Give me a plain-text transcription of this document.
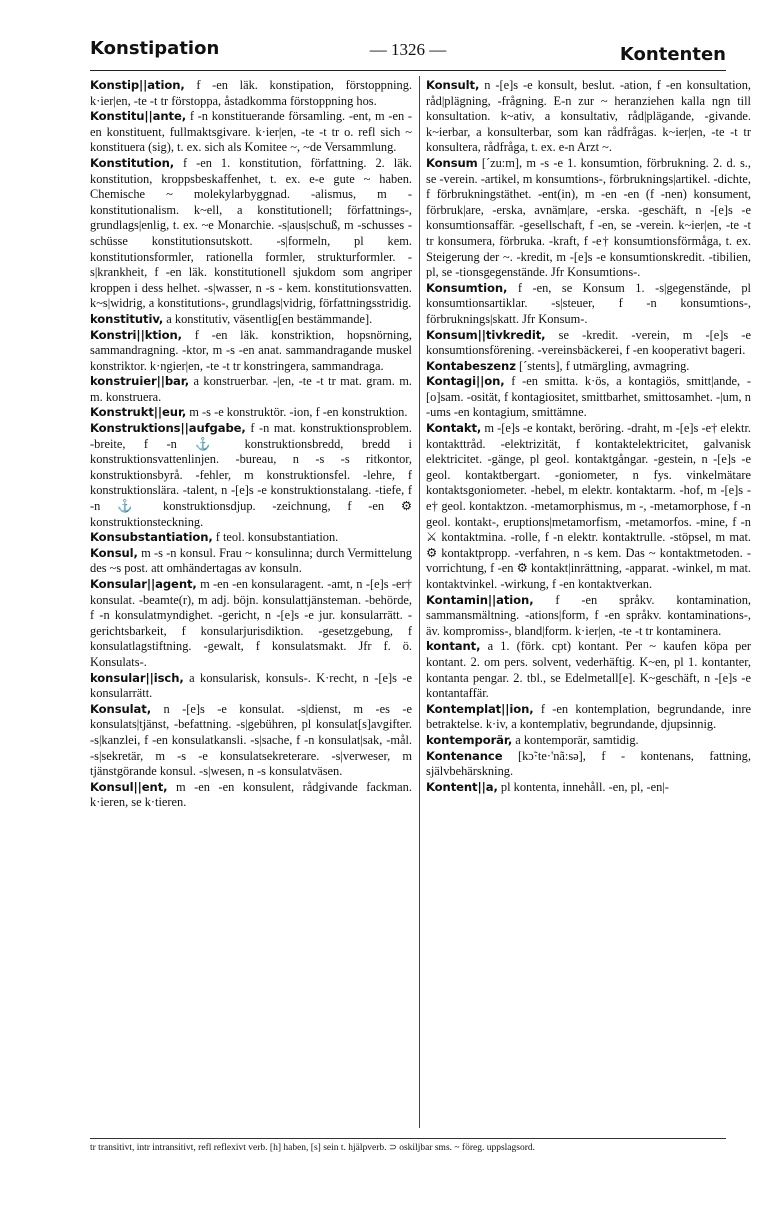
Konstipation	— 1326 —	Kontenten
Konstip||ation, f -en läk. konstipation, förstoppning. k·ier|en, -te -t tr förstoppa, åstadkomma förstoppning hos.
Konstitu||ante, f -n konstituerande församling. -ent, m -en -en konstituent, fullmaktsgivare. k·ier|en, -te -t tr o. refl sich ~ konstituera (sig), t. ex. sich als Komitee ~, ~de Versammlung.
Konstitution, f -en 1. konstitution, författning. 2. läk. konstitution, kroppsbeskaffenhet, t. ex. e-e gute ~ haben. Chemische ~ molekylarbyggnad. -alismus, m - konstitutionalism. k~ell, a konstitutionell; författnings-, grundlags|enlig, t. ex. ~e Monarchie. -s|aus|schuß, m -schusses -schüsse konstitutionsutskott. -s|formeln, pl kem. konstitutionsformler, rationella formler, strukturformler. -s|krankheit, f -en läk. konstitutionell sjukdom som angriper kroppen i dess helhet. -s|wasser, n -s - kem. konstitutionsvatten. k~s|widrig, a konstitutions-, grundlags|vidrig, författningsstridig.
konstitutiv, a konstitutiv, väsentlig[en bestämmande].
Konstri||ktion, f -en läk. konstriktion, hopsnörning, sammandragning. -ktor, m -s -en anat. sammandragande muskel konstriktor. k·ngier|en, -te -t tr konstringera, sammandraga.
konstruier||bar, a konstruerbar. -|en, -te -t tr mat. gram. m. m. konstruera.
Konstrukt||eur, m -s -e konstruktör. -ion, f -en konstruktion.
Konstruktions||aufgabe, f -n mat. konstruktionsproblem. -breite, f -n ⚓ konstruktionsbredd, bredd i konstruktionsvattenlinjen. -bureau, n -s -s ritkontor, konstruktionsbyrå. -fehler, m konstruktionsfel. -lehre, f konstruktionslära. -talent, n -[e]s -e konstruktionstalang. -tiefe, f -n ⚓ konstruktionsdjup. -zeichnung, f -en ⚙ konstruktionsteckning.
Konsubstantiation, f teol. konsubstantiation.
Konsul, m -s -n konsul. Frau ~ konsulinna; durch Vermittelung des ~s post. att omhändertagas av konsuln.
Konsular||agent, m -en -en konsularagent. -amt, n -[e]s -er† konsulat. -beamte(r), m adj. böjn. konsulattjänsteman. -behörde, f -n konsulatmyndighet. -gericht, n -[e]s -e jur. konsularrätt. -gerichtsbarkeit, f konsularjurisdiktion. -gesetzgebung, f konsulatlagstiftning. -gewalt, f konsulatsmakt. Jfr f. ö. Konsulats-.
konsular||isch, a konsularisk, konsuls-. K·recht, n -[e]s -e konsularrätt.
Konsulat, n -[e]s -e konsulat. -s|dienst, m -es -e konsulats|tjänst, -befattning. -s|gebühren, pl konsulat[s]avgifter. -s|kanzlei, f -en konsulatkansli. -s|sache, f -n konsulat|sak, -mål. -s|sekretär, m -s -e konsulatsekreterare. -s|verweser, m tjänstgörande konsul. -s|wesen, n -s konsulatväsen.
Konsul||ent, m -en -en konsulent, rådgivande fackman. k·ieren, se k·tieren.
Konsult, n -[e]s -e konsult, beslut. -ation, f -en konsultation, råd|plägning, -frågning. E-n zur ~ heranziehen kalla ngn till konsultation. k~ativ, a konsultativ, råd|plägande, -givande. k~ierbar, a konsulterbar, som kan rådfrågas. k~ier|en, -te -t tr konsultera, rådfråga, t. ex. e-n Arzt ~.
Konsum [´zu:m], m -s -e 1. konsumtion, förbrukning. 2. d. s., se -verein. -artikel, m konsumtions-, förbruknings|artikel. -dichte, f förbrukningstäthet. -ent(in), m -en -en (f -nen) konsument, förbruk|are, -erska, avnäm|are, -erska. -geschäft, n -[e]s -e konsumtionsaffär. -gesellschaft, f -en, se -verein. k~ier|en, -te -t tr konsumera, förbruka. -kraft, f -e† konsumtionsförmåga, t. ex. Steigerung der ~. -kredit, m -[e]s -e konsumtionskredit. -tibilien, pl, se -tionsgegenstände. Jfr Konsumtions-.
Konsumtion, f -en, se Konsum 1. -s|gegenstände, pl konsumtionsartiklar. -s|steuer, f -n konsumtions-, förbruknings|skatt. Jfr Konsum-.
Konsum||tivkredit, se -kredit. -verein, m -[e]s -e konsumtionsförening. -vereinsbäckerei, f -en kooperativt bageri.
Kontabeszenz [´stents], f utmärgling, avmagring.
Kontagi||on, f -en smitta. k·ös, a kontagiös, smitt|ande, -[o]sam. -osität, f kontagiositet, smittbarhet, smittosamhet. -|um, n -ums -en kontagium, smittämne.
Kontakt, m -[e]s -e kontakt, beröring. -draht, m -[e]s -e† elektr. kontakttråd. -elektrizität, f kontaktelektricitet, galvanisk elektricitet. -gänge, pl geol. kontaktgångar. -gestein, n -[e]s -e geol. kontaktbergart. -goniometer, n fys. vinkelmätare kontaktsgoniometer. -hebel, m elektr. kontaktarm. -hof, m -[e]s -e† geol. kontaktzon. -metamorphismus, m -, -metamorphose, f -n geol. kontakt-, eruptions|metamorfism, -metamorfos. -mine, f -n ⚔ kontaktmina. -rolle, f -n elektr. kontaktrulle. -stöpsel, m mat. ⚙ kontaktpropp. -verfahren, n -s kem. Das ~ kontaktmetoden. -vorrichtung, f -en ⚙ kontakt|inrättning, -apparat. -winkel, m mat. kontaktvinkel. -wirkung, f -en kontaktverkan.
Kontamin||ation, f -en språkv. kontamination, sammansmältning. -ations|form, f -en språkv. kontaminations-, äv. kompromiss-, bland|form. k·ier|en, -te -t tr kontaminera.
kontant, a 1. (förk. cpt) kontant. Per ~ kaufen köpa per kontant. 2. om pers. solvent, vederhäftig. K~en, pl 1. kontanter, kontanta pengar. 2. tbl., se Edelmetall[e]. K~geschäft, n -[e]s -e kontantaffär.
Kontemplat||ion, f -en kontemplation, begrundande, inre betraktelse. k·iv, a kontemplativ, begrundande, djupsinnig.
kontemporär, a kontemporär, samtidig.
Kontenance [kɔ̃·te·'nã:sə], f - kontenans, fattning, självbehärskning.
Kontent||a, pl kontenta, innehåll. -en, pl, -en|-
tr transitivt, intr intransitivt, refl reflexivt verb. [h] haben, [s] sein t. hjälpverb. ⊃ oskiljbar sms. ~ föreg. uppslagsord.
